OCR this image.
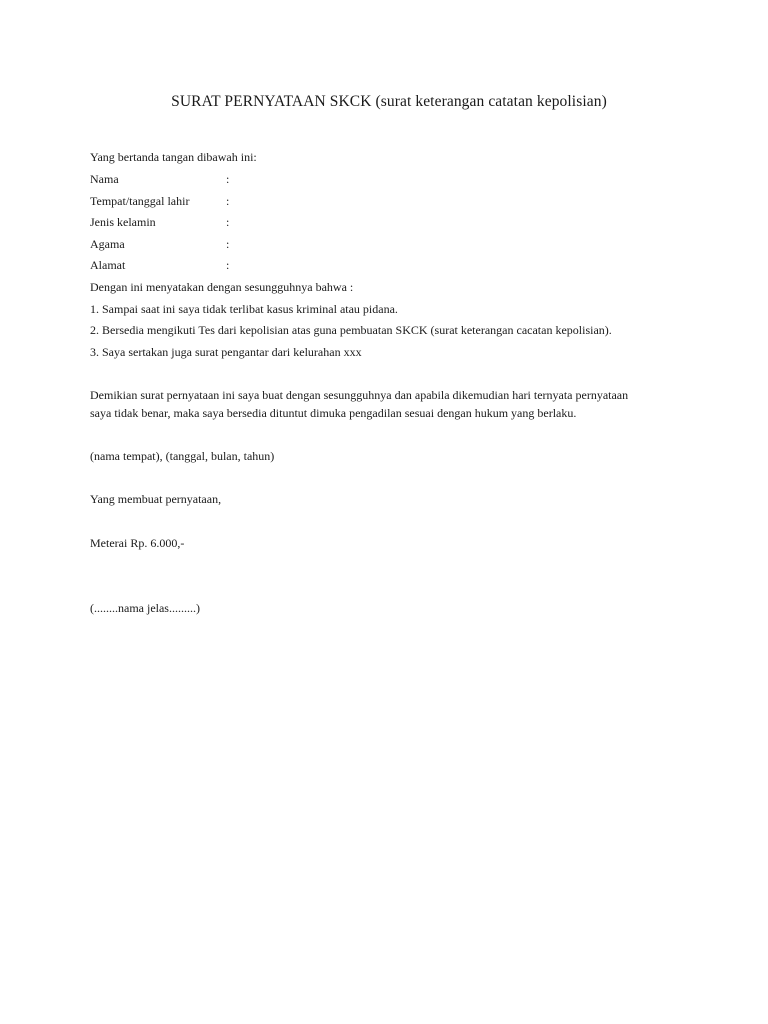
SURAT PERNYATAAN SKCK (surat keterangan catatan kepolisian)
Yang bertanda tangan dibawah ini:
Nama	:
Tempat/tanggal lahir	:
Jenis kelamin	:
Agama	:
Alamat	:
Dengan ini menyatakan dengan sesungguhnya bahwa :
1. Sampai saat ini saya tidak terlibat kasus kriminal atau pidana.
2. Bersedia mengikuti Tes dari kepolisian atas guna pembuatan SKCK (surat keterangan cacatan kepolisian).
3. Saya sertakan juga surat pengantar dari kelurahan xxx
Demikian surat pernyataan ini saya buat dengan sesungguhnya dan apabila dikemudian hari ternyata pernyataan
saya tidak benar, maka saya bersedia dituntut dimuka pengadilan sesuai dengan hukum yang berlaku.
(nama tempat), (tanggal, bulan, tahun)
Yang membuat pernyataan,
Meterai Rp. 6.000,-
(........nama jelas.........)
